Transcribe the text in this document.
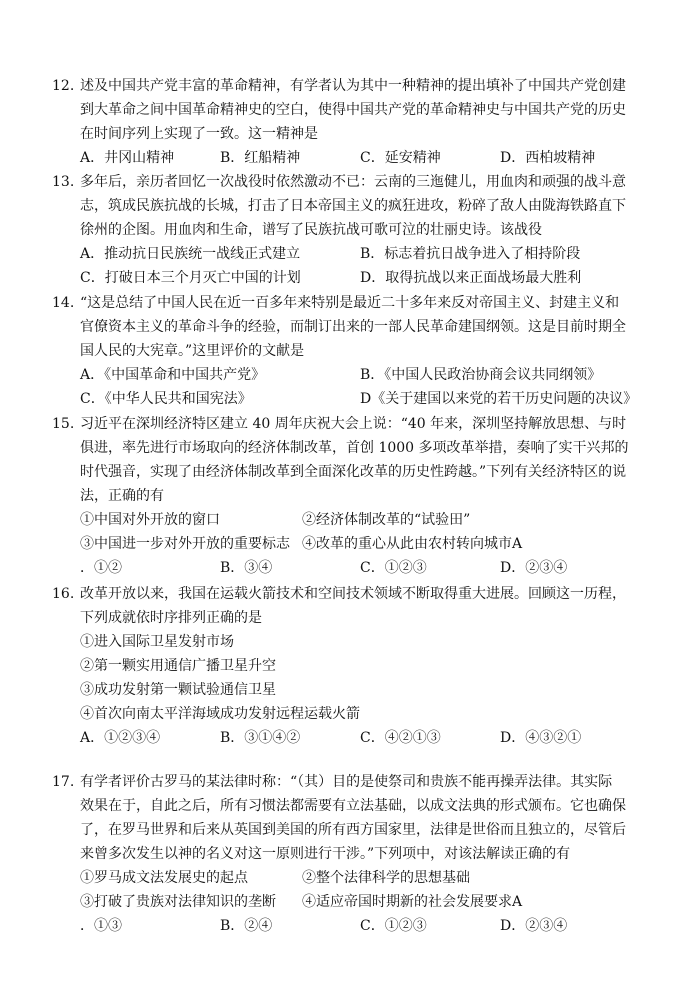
12. 述及中国共产党丰富的革命精神，有学者认为其中一种精神的提出填补了中国共产党创建
到大革命之间中国革命精神史的空白，使得中国共产党的革命精神史与中国共产党的历史
在时间序列上实现了一致。这一精神是
A．井冈山精神	B．红船精神	C．延安精神	D．西柏坡精神
13. 多年后，亲历者回忆一次战役时依然激动不已：云南的三迤健儿，用血肉和顽强的战斗意
志，筑成民族抗战的长城，打击了日本帝国主义的疯狂进攻，粉碎了敌人由陇海铁路直下
徐州的企图。用血肉和生命，谱写了民族抗战可歌可泣的壮丽史诗。该战役
A．推动抗日民族统一战线正式建立	B．标志着抗日战争进入了相持阶段
C．打破日本三个月灭亡中国的计划	D．取得抗战以来正面战场最大胜利
14. “这是总结了中国人民在近一百多年来特别是最近二十多年来反对帝国主义、封建主义和
官僚资本主义的革命斗争的经验，而制订出来的一部人民革命建国纲领。这是目前时期全
国人民的大宪章。”这里评价的文献是
A．《中国革命和中国共产党》	B．《中国人民政治协商会议共同纲领》
C．《中华人民共和国宪法》	D《关于建国以来党的若干历史问题的决议》
15. 习近平在深圳经济特区建立 40 周年庆祝大会上说：“40 年来，深圳坚持解放思想、与时
俱进，率先进行市场取向的经济体制改革，首创 1000 多项改革举措，奏响了实干兴邦的
时代强音，实现了由经济体制改革到全面深化改革的历史性跨越。”下列有关经济特区的说
法，正确的有
①中国对外开放的窗口	②经济体制改革的“试验田”
③中国进一步对外开放的重要标志 ④改革的重心从此由农村转向城市A
．①②	B．③④	C．①②③	D．②③④
16. 改革开放以来，我国在运载火箭技术和空间技术领域不断取得重大进展。回顾这一历程，
下列成就依时序排列正确的是
①进入国际卫星发射市场
②第一颗实用通信广播卫星升空
③成功发射第一颗试验通信卫星
④首次向南太平洋海域成功发射远程运载火箭
A．①②③④	B．③①④②	C．④②①③	D．④③②①
17. 有学者评价古罗马的某法律时称：“（其）目的是使祭司和贵族不能再操弄法律。其实际
效果在于，自此之后，所有习惯法都需要有立法基础，以成文法典的形式颁布。它也确保
了，在罗马世界和后来从英国到美国的所有西方国家里，法律是世俗而且独立的，尽管后
来曾多次发生以神的名义对这一原则进行干涉。”下列项中，对该法解读正确的有
①罗马成文法发展史的起点	②整个法律科学的思想基础
③打破了贵族对法律知识的垄断	④适应帝国时期新的社会发展要求A
．①③	B．②④	C．①②③	D．②③④
